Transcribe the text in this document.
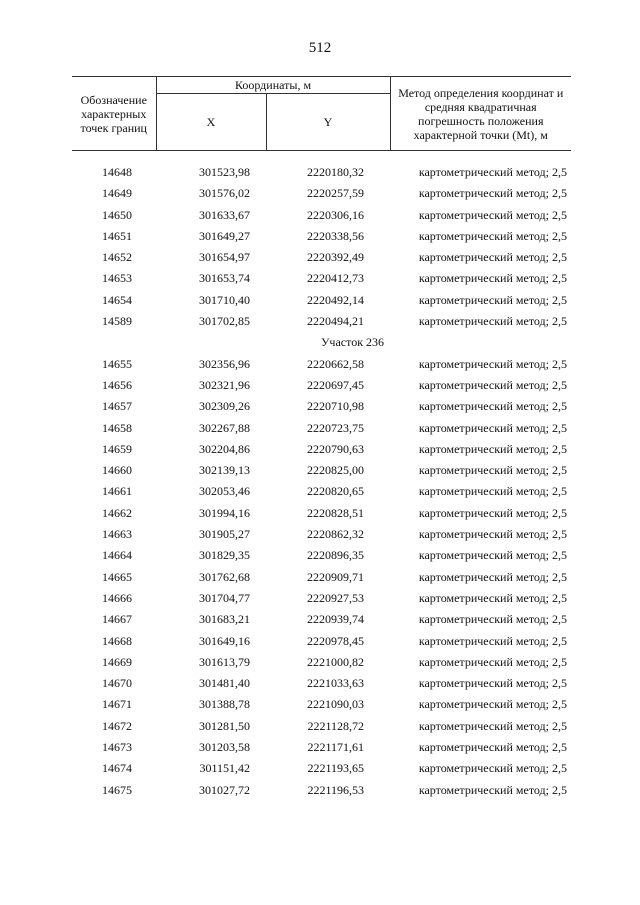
512
Обозначение характерных точек границ	Координаты, м		Метод определения координат и средняя квадратичная погрешность положения характерной точки (Mt), м
	X	Y	
14648	301523,98	2220180,32	картометрический метод; 2,5
14649	301576,02	2220257,59	картометрический метод; 2,5
14650	301633,67	2220306,16	картометрический метод; 2,5
14651	301649,27	2220338,56	картометрический метод; 2,5
14652	301654,97	2220392,49	картометрический метод; 2,5
14653	301653,74	2220412,73	картометрический метод; 2,5
14654	301710,40	2220492,14	картометрический метод; 2,5
14589	301702,85	2220494,21	картометрический метод; 2,5
Участок 236			
14655	302356,96	2220662,58	картометрический метод; 2,5
14656	302321,96	2220697,45	картометрический метод; 2,5
14657	302309,26	2220710,98	картометрический метод; 2,5
14658	302267,88	2220723,75	картометрический метод; 2,5
14659	302204,86	2220790,63	картометрический метод; 2,5
14660	302139,13	2220825,00	картометрический метод; 2,5
14661	302053,46	2220820,65	картометрический метод; 2,5
14662	301994,16	2220828,51	картометрический метод; 2,5
14663	301905,27	2220862,32	картометрический метод; 2,5
14664	301829,35	2220896,35	картометрический метод; 2,5
14665	301762,68	2220909,71	картометрический метод; 2,5
14666	301704,77	2220927,53	картометрический метод; 2,5
14667	301683,21	2220939,74	картометрический метод; 2,5
14668	301649,16	2220978,45	картометрический метод; 2,5
14669	301613,79	2221000,82	картометрический метод; 2,5
14670	301481,40	2221033,63	картометрический метод; 2,5
14671	301388,78	2221090,03	картометрический метод; 2,5
14672	301281,50	2221128,72	картометрический метод; 2,5
14673	301203,58	2221171,61	картометрический метод; 2,5
14674	301151,42	2221193,65	картометрический метод; 2,5
14675	301027,72	2221196,53	картометрический метод; 2,5
